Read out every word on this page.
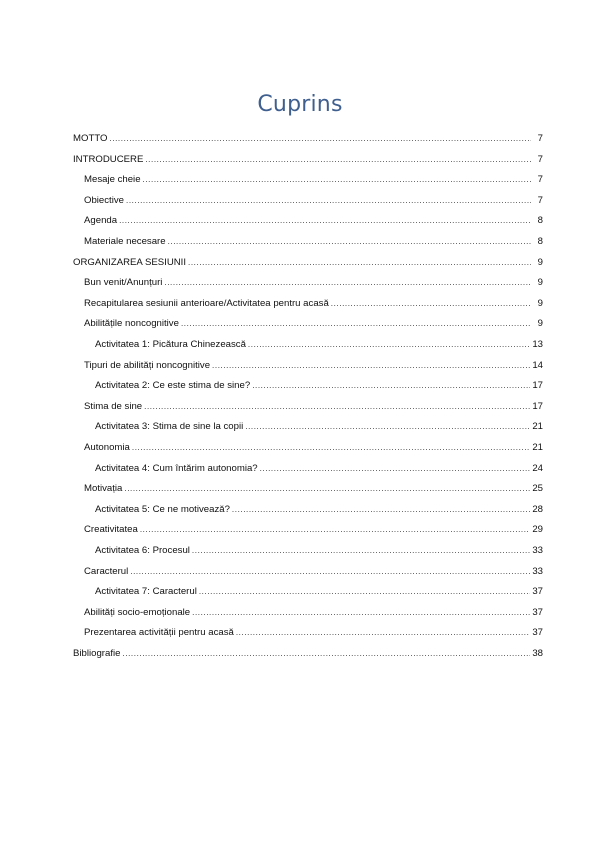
Cuprins
MOTTO .....	7
INTRODUCERE .....	7
Mesaje cheie .....	7
Obiective .....	7
Agenda .....	8
Materiale necesare .....	8
ORGANIZAREA SESIUNII .....	9
Bun venit/Anunțuri .....	9
Recapitularea sesiunii anterioare/Activitatea pentru acasă .....	9
Abilitățile noncognitive .....	9
Activitatea 1: Picătura Chinezească .....	13
Tipuri de abilități noncognitive .....	14
Activitatea 2: Ce este stima de sine? .....	17
Stima de sine .....	17
Activitatea 3: Stima de sine la copii .....	21
Autonomia .....	21
Activitatea 4: Cum întărim autonomia? .....	24
Motivația .....	25
Activitatea 5: Ce ne motivează? .....	28
Creativitatea .....	29
Activitatea 6: Procesul .....	33
Caracterul .....	33
Activitatea 7: Caracterul .....	37
Abilități socio-emoționale .....	37
Prezentarea activității pentru acasă .....	37
Bibliografie .....	38
